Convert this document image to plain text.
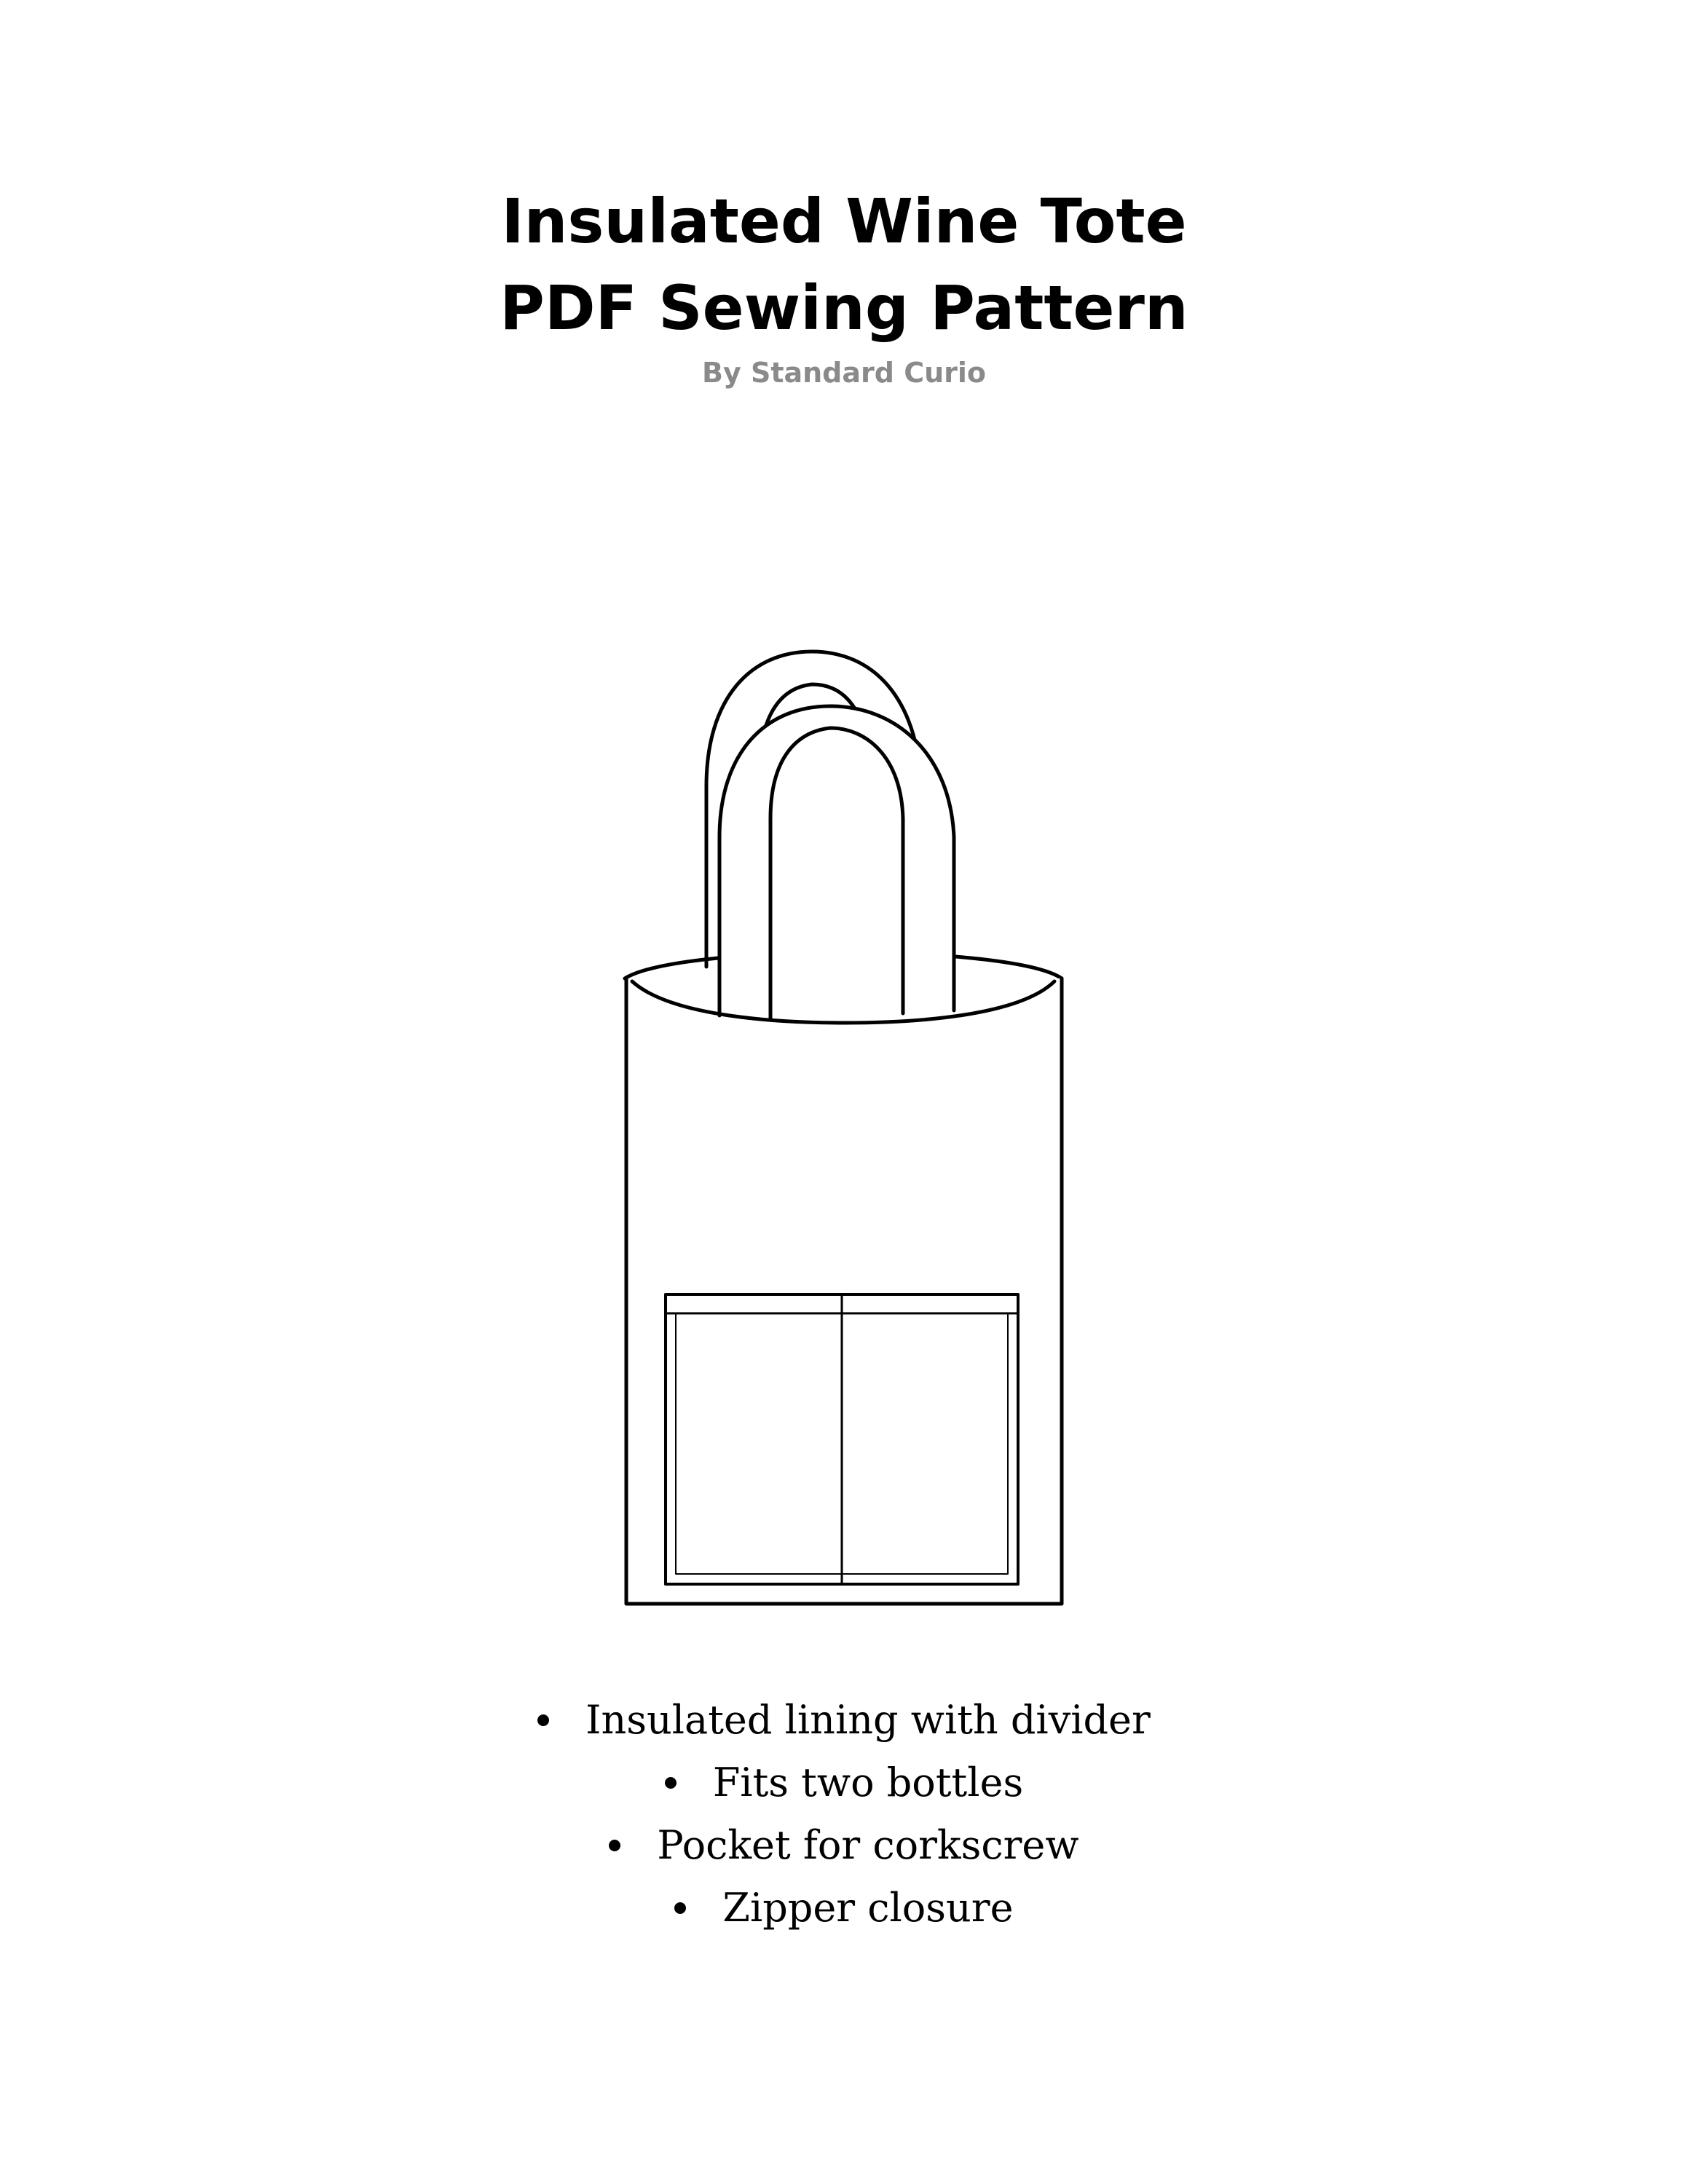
Insulated Wine Tote
PDF Sewing Pattern

By Standard Curio

Insulated lining with divider
Fits two bottles
Pocket for corkscrew
Zipper closure
